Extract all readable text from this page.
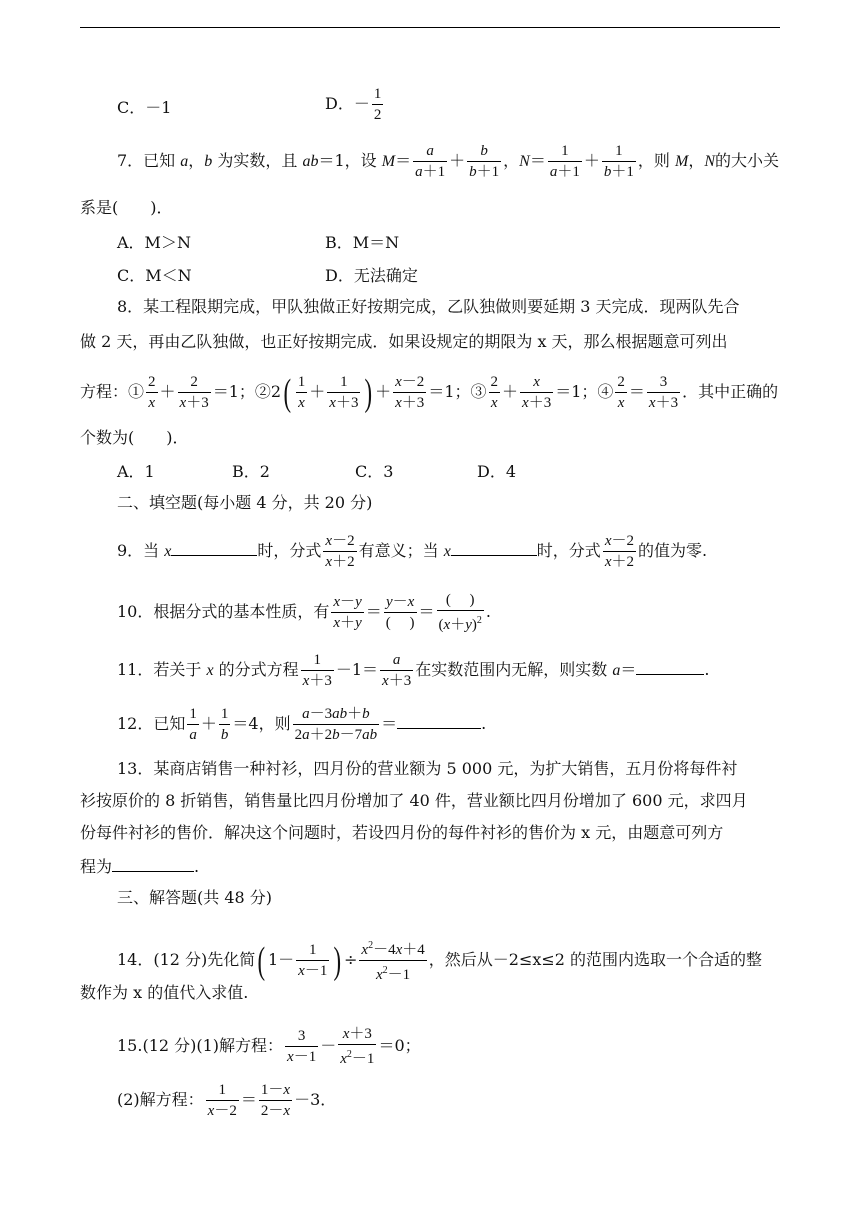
C．－1	D．－ $\frac{1}{2}$
7．已知 a，b 为实数，且 ab＝1，设 $M= \frac{a}{a+1} + \frac{b}{b+1}$ ，$N= \frac{1}{a+1} + \frac{1}{b+1}$ ，则 M，N的大小关
系是(　　)．
A．M＞N	B．M＝N
C．M＜N	D．无法确定
8．某工程限期完成，甲队独做正好按期完成，乙队独做则要延期 3 天完成．现两队先合
做 2 天，再由乙队独做，也正好按期完成．如果设规定的期限为 x 天，那么根据题意可列出
方程：① $\frac{2}{x} + \frac{2}{x+3} =1$；②2( $\frac{1}{x} + \frac{1}{x+3}$ ) ＋ $\frac{x-2}{x+3} =1$；③ $\frac{2}{x} + \frac{x}{x+3} =1$；④ $\frac{2}{x} = \frac{3}{x+3}$ ．其中正确的
个数为(　　)．
A．1	B．2	C．3	D．4
二、填空题(每小题 4 分，共 20 分)
9．当 x	时，分式 $\frac{x-2}{x+2}$ 有意义；当 x	时，分式 $\frac{x-2}{x+2}$ 的值为零.
10．根据分式的基本性质，有 $\frac{x-y}{x+y} = \frac{y-x}{( )} = \frac{( )}{(x+y)^2}$ .
11．若关于 x 的分式方程 $\frac{1}{x+3} -1= \frac{a}{x+3}$ 在实数范围内无解，则实数 a＝	.
12．已知 $\frac{1}{a} + \frac{1}{b} =4$，则 $\frac{a-3ab+b}{2a+2b-7ab}$ ＝	.
13．某商店销售一种衬衫，四月份的营业额为 5 000 元，为扩大销售，五月份将每件衬
衫按原价的 8 折销售，销售量比四月份增加了 40 件，营业额比四月份增加了 600 元，求四月
份每件衬衫的售价．解决这个问题时，若设四月份的每件衬衫的售价为 x 元，由题意可列方
程为	.
三、解答题(共 48 分)
14．(12 分)先化简( $1- \frac{1}{x-1}$ ) ÷ $\frac{x^2-4x+4}{x^2-1}$ ，然后从－2≤x≤2 的范围内选取一个合适的整
数作为 x 的值代入求值.
15.(12 分)(1)解方程： $\frac{3}{x-1} - \frac{x+3}{x^2-1} =0$；
(2)解方程： $\frac{1}{x-2} = \frac{1-x}{2-x} -3$．
